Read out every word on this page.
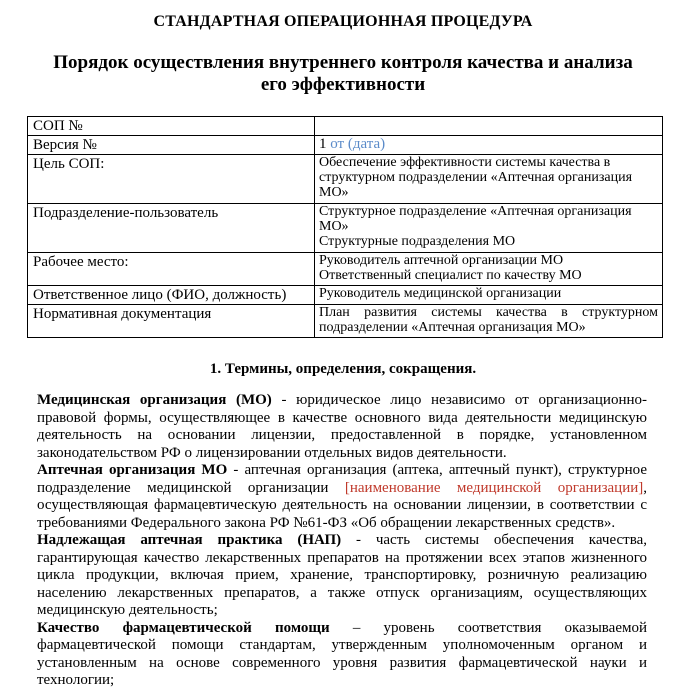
СТАНДАРТНАЯ ОПЕРАЦИОННАЯ ПРОЦЕДУРА
Порядок осуществления внутреннего контроля качества и анализа его эффективности
СОП №	
Версия №	1 от (дата)
Цель СОП:	Обеспечение эффективности системы качества в структурном подразделении «Аптечная организация МО»
Подразделение-пользователь	Структурное подразделение «Аптечная организация МО»
Структурные подразделения МО

Рабочее место:	Руководитель аптечной организации МО
Ответственный специалист по качеству МО

Ответственное лицо (ФИО, должность)	Руководитель медицинской организации
Нормативная документация	План развития системы качества в структурном подразделении «Аптечная организация МО»
1. Термины, определения, сокращения.

Медицинская организация (МО) - юридическое лицо независимо от организационно-правовой формы, осуществляющее в качестве основного вида деятельности медицинскую деятельность на основании лицензии, предоставленной в порядке, установленном законодательством РФ о лицензировании отдельных видов деятельности.

Аптечная организация МО - аптечная организация (аптека, аптечный пункт), структурное подразделение медицинской организации [наименование медицинской организации], осуществляющая фармацевтическую деятельность на основании лицензии, в соответствии с требованиями Федерального закона РФ №61-ФЗ «Об обращении лекарственных средств».

Надлежащая аптечная практика (НАП) - часть системы обеспечения качества, гарантирующая качество лекарственных препаратов на протяжении всех этапов жизненного цикла продукции, включая прием, хранение, транспортировку, розничную реализацию населению лекарственных препаратов, а также отпуск организациям, осуществляющих медицинскую деятельность;

Качество фармацевтической помощи – уровень соответствия оказываемой фармацевтической помощи стандартам, утвержденным уполномоченным органом и установленным на основе современного уровня развития фармацевтической науки и технологии;
